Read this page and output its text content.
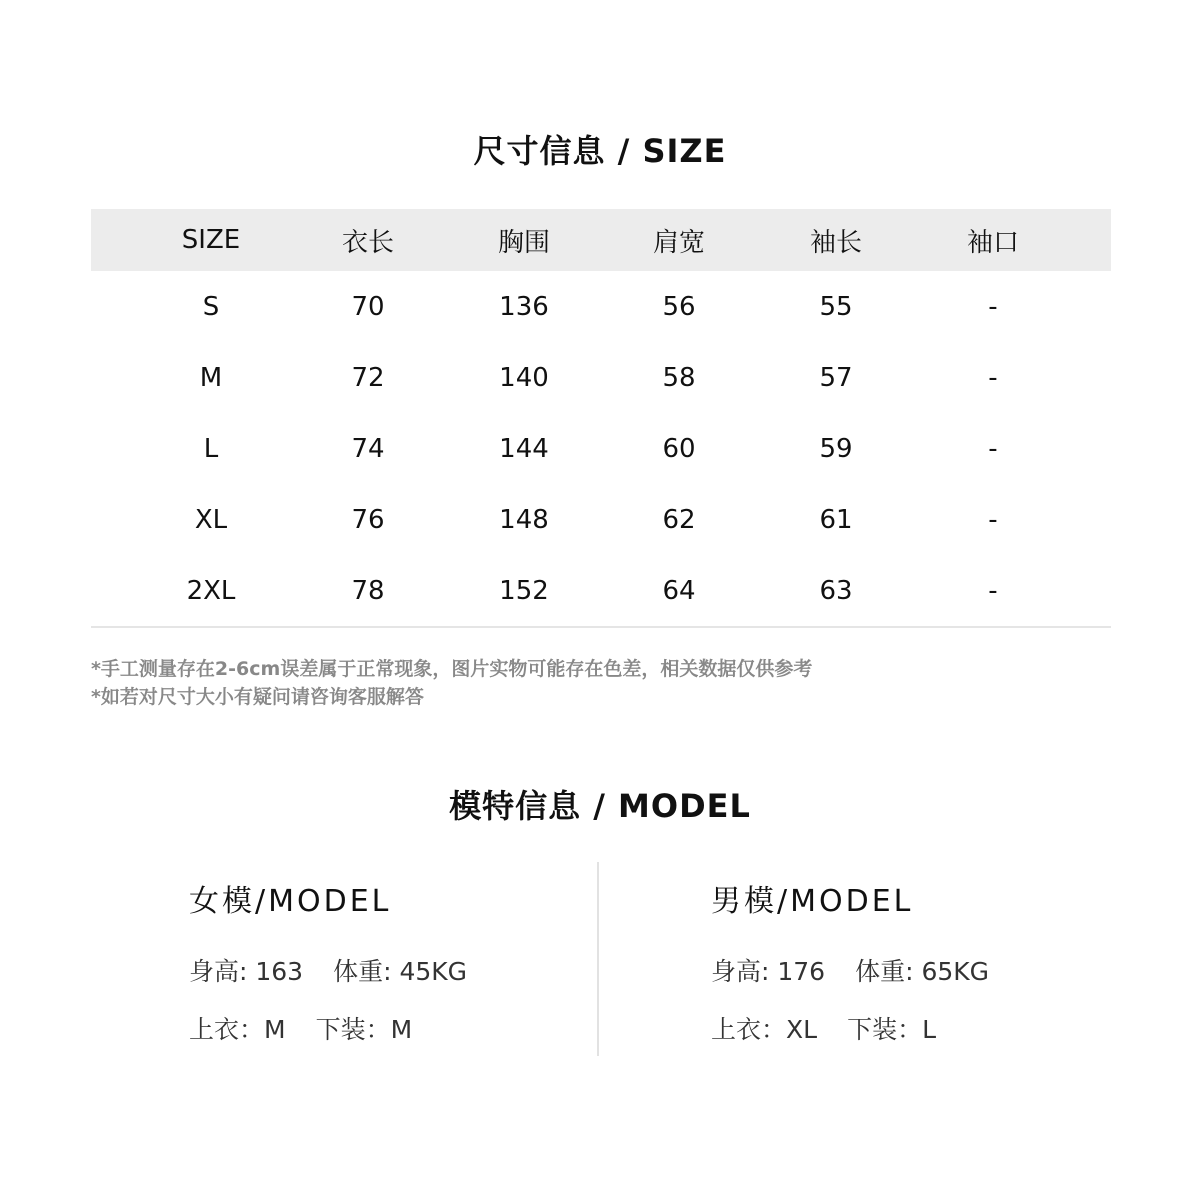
尺寸信息 / SIZE
SIZE	衣长	胸围	肩宽	袖长	袖口
S	70	136	56	55	-
M	72	140	58	57	-
L	74	144	60	59	-
XL	76	148	62	61	-
2XL	78	152	64	63	-
*手工测量存在2-6cm误差属于正常现象，图片实物可能存在色差，相关数据仅供参考
*如若对尺寸大小有疑问请咨询客服解答
模特信息 / MODEL
女模/MODEL
身高: 163 体重: 45KG
上衣：M 下装：M
男模/MODEL
身高: 176 体重: 65KG
上衣：XL 下装：L
